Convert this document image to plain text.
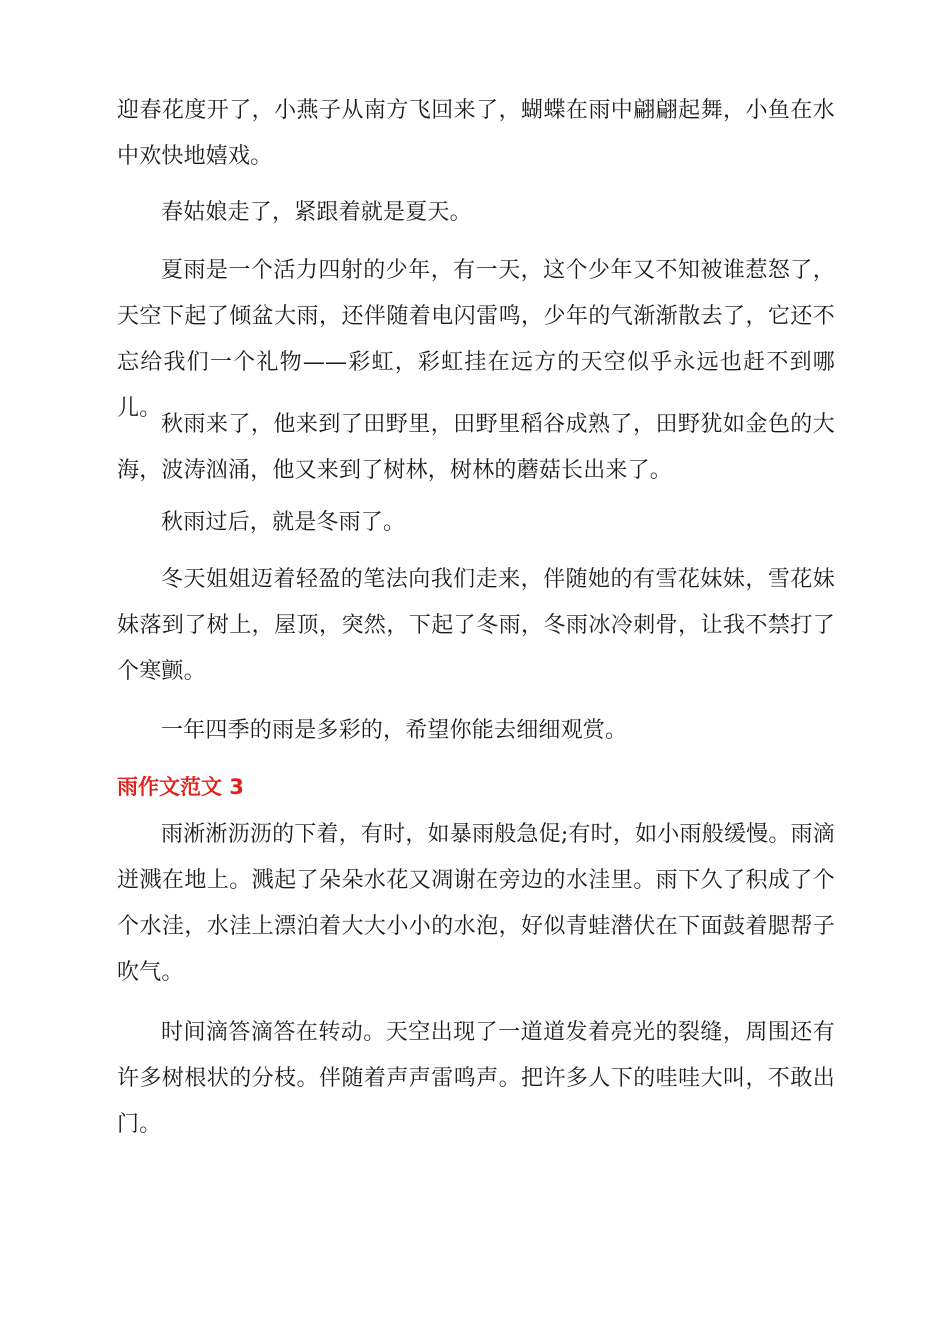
迎春花度开了，小燕子从南方飞回来了，蝴蝶在雨中翩翩起舞，小鱼在水中欢快地嬉戏。

春姑娘走了，紧跟着就是夏天。

夏雨是一个活力四射的少年，有一天，这个少年又不知被谁惹怒了，天空下起了倾盆大雨，还伴随着电闪雷鸣，少年的气渐渐散去了，它还不忘给我们一个礼物——彩虹，彩虹挂在远方的天空似乎永远也赶不到哪儿。

秋雨来了，他来到了田野里，田野里稻谷成熟了，田野犹如金色的大海，波涛汹涌，他又来到了树林，树林的蘑菇长出来了。

秋雨过后，就是冬雨了。

冬天姐姐迈着轻盈的笔法向我们走来，伴随她的有雪花妹妹，雪花妹妹落到了树上，屋顶，突然，下起了冬雨，冬雨冰冷刺骨，让我不禁打了个寒颤。

一年四季的雨是多彩的，希望你能去细细观赏。

雨作文范文 3

雨淅淅沥沥的下着，有时，如暴雨般急促;有时，如小雨般缓慢。雨滴迸溅在地上。溅起了朵朵水花又凋谢在旁边的水洼里。雨下久了积成了个个水洼，水洼上漂泊着大大小小的水泡，好似青蛙潜伏在下面鼓着腮帮子吹气。

时间滴答滴答在转动。天空出现了一道道发着亮光的裂缝，周围还有许多树根状的分枝。伴随着声声雷鸣声。把许多人下的哇哇大叫，不敢出门。
